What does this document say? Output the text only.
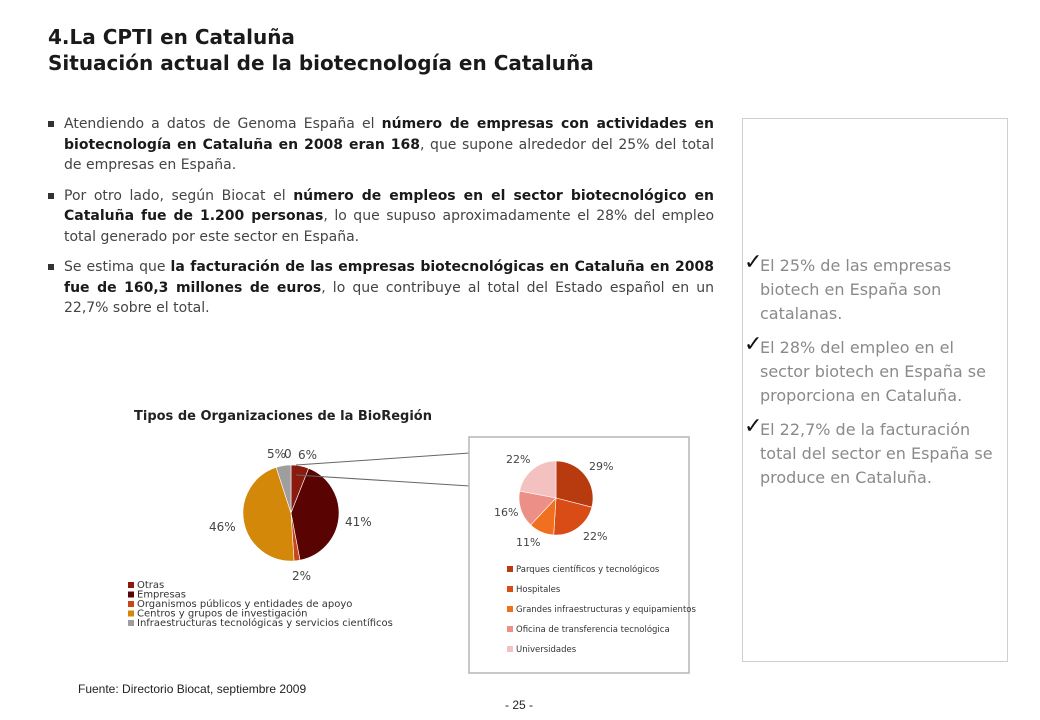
4.La CPTI en Cataluña
Situación actual de la biotecnología en Cataluña
Atendiendo a datos de Genoma España el número de empresas con actividades en biotecnología en Cataluña en 2008 eran 168, que supone alrededor del 25% del total de empresas en España.
Por otro lado, según Biocat el número de empleos en el sector biotecnológico en Cataluña fue de 1.200 personas, lo que supuso aproximadamente el 28% del empleo total generado por este sector en España.
Se estima que la facturación de las empresas biotecnológicas en Cataluña en 2008 fue de 160,3 millones de euros, lo que contribuye al total del Estado español en un 22,7% sobre el total.
✓
El 25% de las empresas biotech en España son catalanas.
✓
El 28% del empleo en el sector biotech en España se proporciona en Cataluña.
✓
El 22,7% de la facturación total del sector en España se produce en Cataluña.
Tipos de Organizaciones de la BioRegión
6%
41%
2%
46%
5%
0
29%
22%
11%
16%
22%
Otras
Empresas
Organismos públicos y entidades de apoyo
Centros y grupos de investigación
Infraestructuras tecnológicas y servicios científicos
Parques científicos y tecnológicos
Hospitales
Grandes infraestructuras y equipamientos
Oficina de transferencia tecnológica
Universidades
Fuente: Directorio Biocat, septiembre 2009
- 25 -
